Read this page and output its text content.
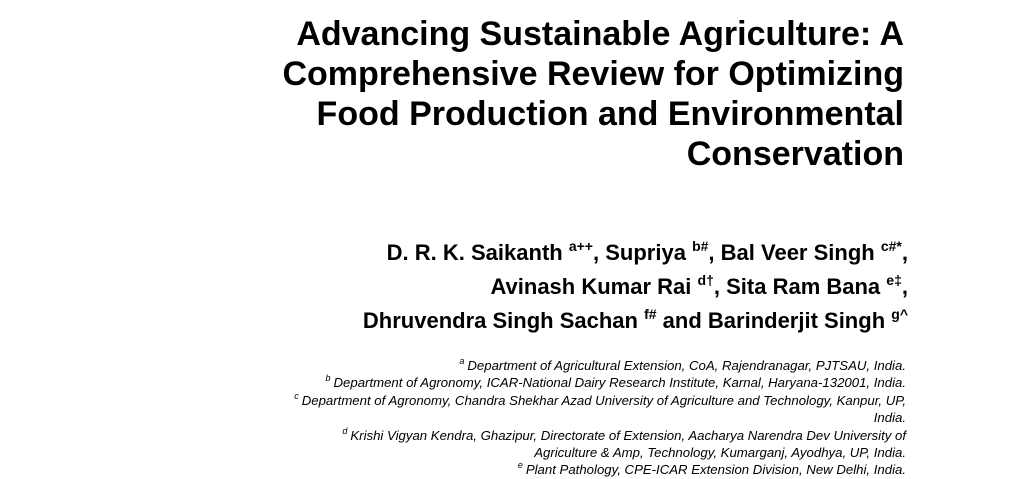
Advancing Sustainable Agriculture: A
Comprehensive Review for Optimizing
Food Production and Environmental
Conservation
D. R. K. Saikanth $^{a++}$, Supriya $^{b\#}$, Bal Veer Singh $^{c\#*}$,
Avinash Kumar Rai $^{d\dagger}$, Sita Ram Bana $^{e\ddagger}$,
Dhruvendra Singh Sachan $^{f\#}$ and Barinderjit Singh $^{g\^{}}$
$^a$ Department of Agricultural Extension, CoA, Rajendranagar, PJTSAU, India.
$^b$ Department of Agronomy, ICAR-National Dairy Research Institute, Karnal, Haryana-132001, India.
$^c$ Department of Agronomy, Chandra Shekhar Azad University of Agriculture and Technology, Kanpur, UP,
India.
$^d$ Krishi Vigyan Kendra, Ghazipur, Directorate of Extension, Aacharya Narendra Dev University of
Agriculture & Amp, Technology, Kumarganj, Ayodhya, UP, India.
$^e$ Plant Pathology, CPE-ICAR Extension Division, New Delhi, India.
